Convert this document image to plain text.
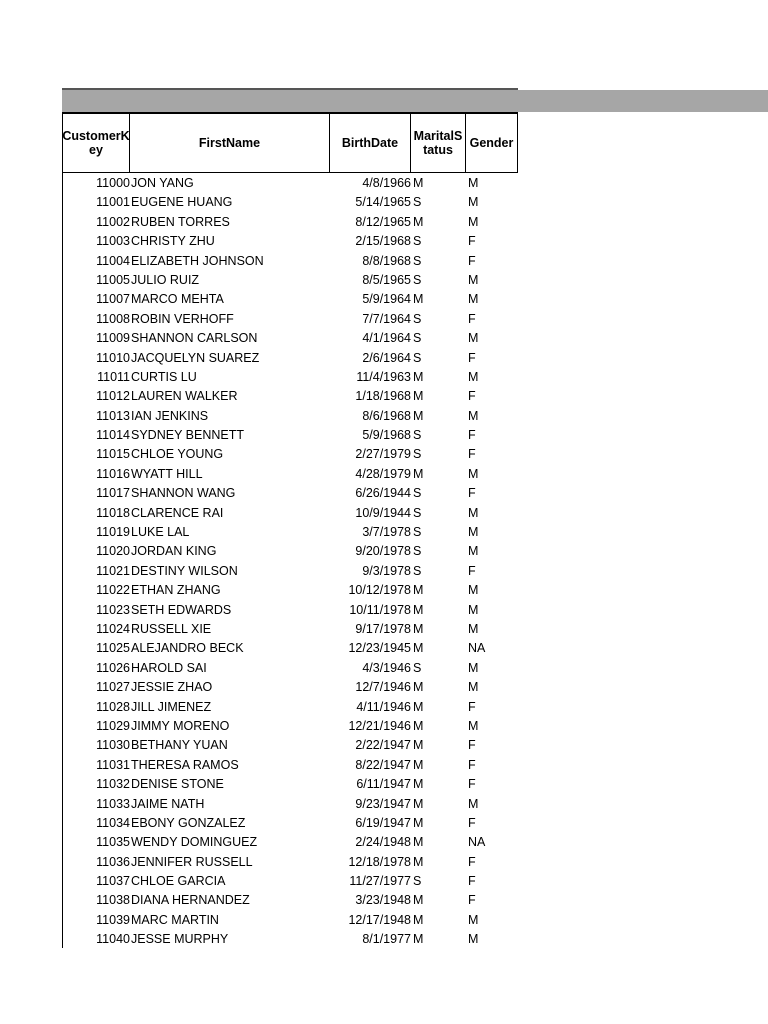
CustomerK ey	FirstName	BirthDate	MaritalS tatus	Gender
11000 JON YANG	4/8/1966 M	M
11001 EUGENE HUANG	5/14/1965 S	M
11002 RUBEN TORRES	8/12/1965 M	M
11003 CHRISTY ZHU	2/15/1968 S	F
11004 ELIZABETH JOHNSON	8/8/1968 S	F
11005 JULIO RUIZ	8/5/1965 S	M
11007 MARCO MEHTA	5/9/1964 M	M
11008 ROBIN VERHOFF	7/7/1964 S	F
11009 SHANNON CARLSON	4/1/1964 S	M
11010 JACQUELYN SUAREZ	2/6/1964 S	F
11011 CURTIS LU	11/4/1963 M	M
11012 LAUREN WALKER	1/18/1968 M	F
11013 IAN JENKINS	8/6/1968 M	M
11014 SYDNEY BENNETT	5/9/1968 S	F
11015 CHLOE YOUNG	2/27/1979 S	F
11016 WYATT HILL	4/28/1979 M	M
11017 SHANNON WANG	6/26/1944 S	F
11018 CLARENCE RAI	10/9/1944 S	M
11019 LUKE LAL	3/7/1978 S	M
11020 JORDAN KING	9/20/1978 S	M
11021 DESTINY WILSON	9/3/1978 S	F
11022 ETHAN ZHANG	10/12/1978 M	M
11023 SETH EDWARDS	10/11/1978 M	M
11024 RUSSELL XIE	9/17/1978 M	M
11025 ALEJANDRO BECK	12/23/1945 M	NA
11026 HAROLD SAI	4/3/1946 S	M
11027 JESSIE ZHAO	12/7/1946 M	M
11028 JILL JIMENEZ	4/11/1946 M	F
11029 JIMMY MORENO	12/21/1946 M	M
11030 BETHANY YUAN	2/22/1947 M	F
11031 THERESA RAMOS	8/22/1947 M	F
11032 DENISE STONE	6/11/1947 M	F
11033 JAIME NATH	9/23/1947 M	M
11034 EBONY GONZALEZ	6/19/1947 M	F
11035 WENDY DOMINGUEZ	2/24/1948 M	NA
11036 JENNIFER RUSSELL	12/18/1978 M	F
11037 CHLOE GARCIA	11/27/1977 S	F
11038 DIANA HERNANDEZ	3/23/1948 M	F
11039 MARC MARTIN	12/17/1948 M	M
11040 JESSE MURPHY	8/1/1977 M	M
